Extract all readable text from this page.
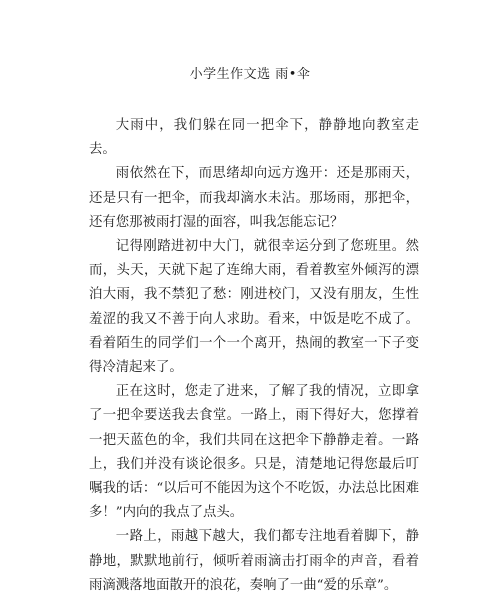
小学生作文选 雨•伞

大雨中，我们躲在同一把伞下，静静地向教室走去。

雨依然在下，而思绪却向远方逸开：还是那雨天，还是只有一把伞，而我却滴水未沾。那场雨，那把伞，还有您那被雨打湿的面容，叫我怎能忘记？

记得刚踏进初中大门，就很幸运分到了您班里。然而，头天，天就下起了连绵大雨，看着教室外倾泻的漂泊大雨，我不禁犯了愁：刚进校门，又没有朋友，生性羞涩的我又不善于向人求助。看来，中饭是吃不成了。看着陌生的同学们一个一个离开，热闹的教室一下子变得冷清起来了。

正在这时，您走了进来，了解了我的情况，立即拿了一把伞要送我去食堂。一路上，雨下得好大，您撑着一把天蓝色的伞，我们共同在这把伞下静静走着。一路上，我们并没有谈论很多。只是，清楚地记得您最后叮嘱我的话：“以后可不能因为这个不吃饭，办法总比困难多！”内向的我点了点头。

一路上，雨越下越大，我们都专注地看着脚下，静静地，默默地前行，倾听着雨滴击打雨伞的声音，看着雨滴溅落地面散开的浪花，奏响了一曲“爱的乐章”。
